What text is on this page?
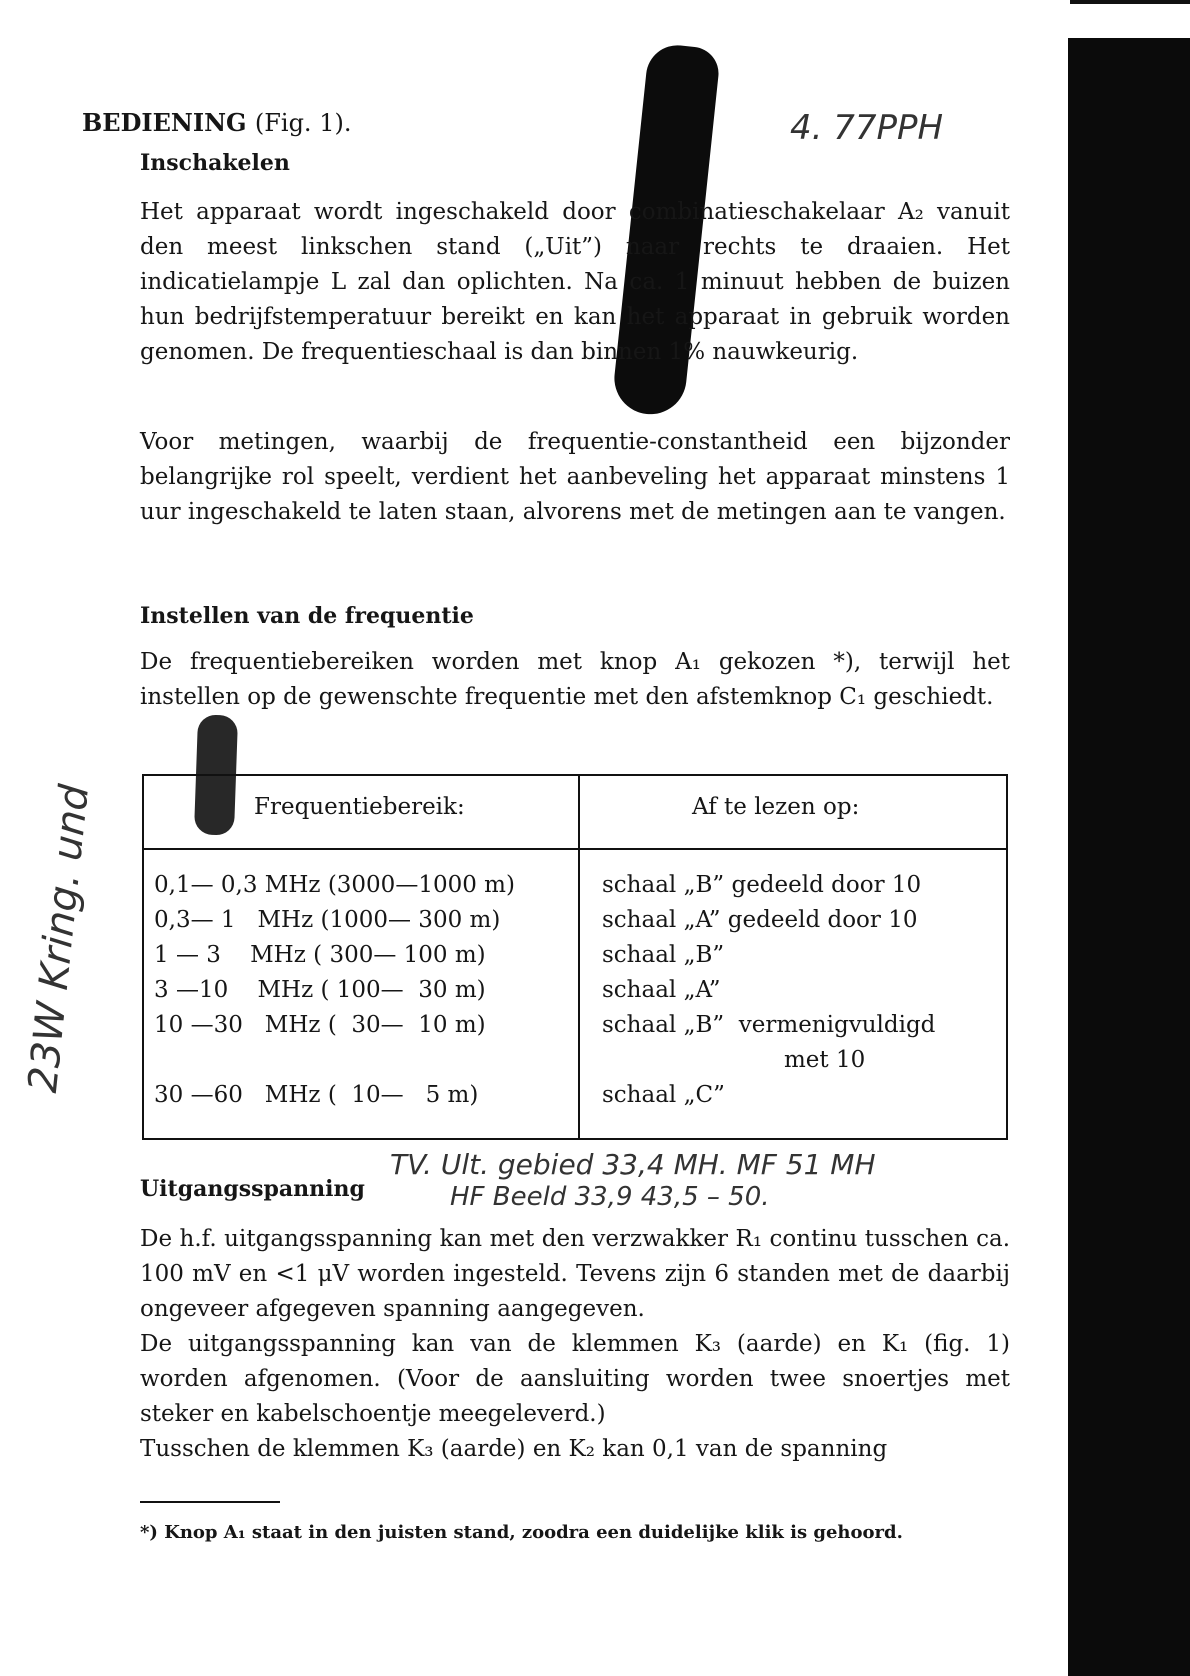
BEDIENING (Fig. 1).	4. 77PPH
Inschakelen

Het apparaat wordt ingeschakeld door combinatieschakelaar A₂ vanuit den meest linkschen stand („Uit”) naar rechts te draaien. Het indicatielampje L zal dan oplichten. Na ca. 1 minuut hebben de buizen hun bedrijfstemperatuur bereikt en kan het apparaat in gebruik worden genomen. De frequentieschaal is dan binnen 1% nauwkeurig.

Voor metingen, waarbij de frequentie-constantheid een bijzonder belangrijke rol speelt, verdient het aanbeveling het apparaat minstens 1 uur ingeschakeld te laten staan, alvorens met de metingen aan te vangen.

Instellen van de frequentie

De frequentiebereiken worden met knop A₁ gekozen *), terwijl het instellen op de gewenschte frequentie met den afstemknop C₁ geschiedt.

23W Kring. und	Frequentiebereik:	Af te lezen op:
0,1— 0,3 MHz (3000—1000 m)	schaal „B” gedeeld door 10
0,3— 1   MHz (1000— 300 m)	schaal „A” gedeeld door 10
1 — 3    MHz ( 300— 100 m)	schaal „B”
3 —10    MHz ( 100—  30 m)	schaal „A”
10 —30   MHz (  30—  10 m)	schaal „B”  vermenigvuldigd
met 10
30 —60   MHz (  10—   5 m)	schaal „C”
TV. Ult. gebied 33,4 MH. MF 51 MH
HF Beeld 33,9 43,5 – 50.
Uitgangsspanning

De h.f. uitgangsspanning kan met den verzwakker R₁ continu tusschen ca. 100 mV en <1 μV worden ingesteld. Tevens zijn 6 standen met de daarbij ongeveer afgegeven spanning aangegeven.

De uitgangsspanning kan van de klemmen K₃ (aarde) en K₁ (fig. 1) worden afgenomen. (Voor de aansluiting worden twee snoertjes met steker en kabelschoentje meegeleverd.)

Tusschen de klemmen K₃ (aarde) en K₂ kan 0,1 van de spanning

*) Knop A₁ staat in den juisten stand, zoodra een duidelijke klik is gehoord.
